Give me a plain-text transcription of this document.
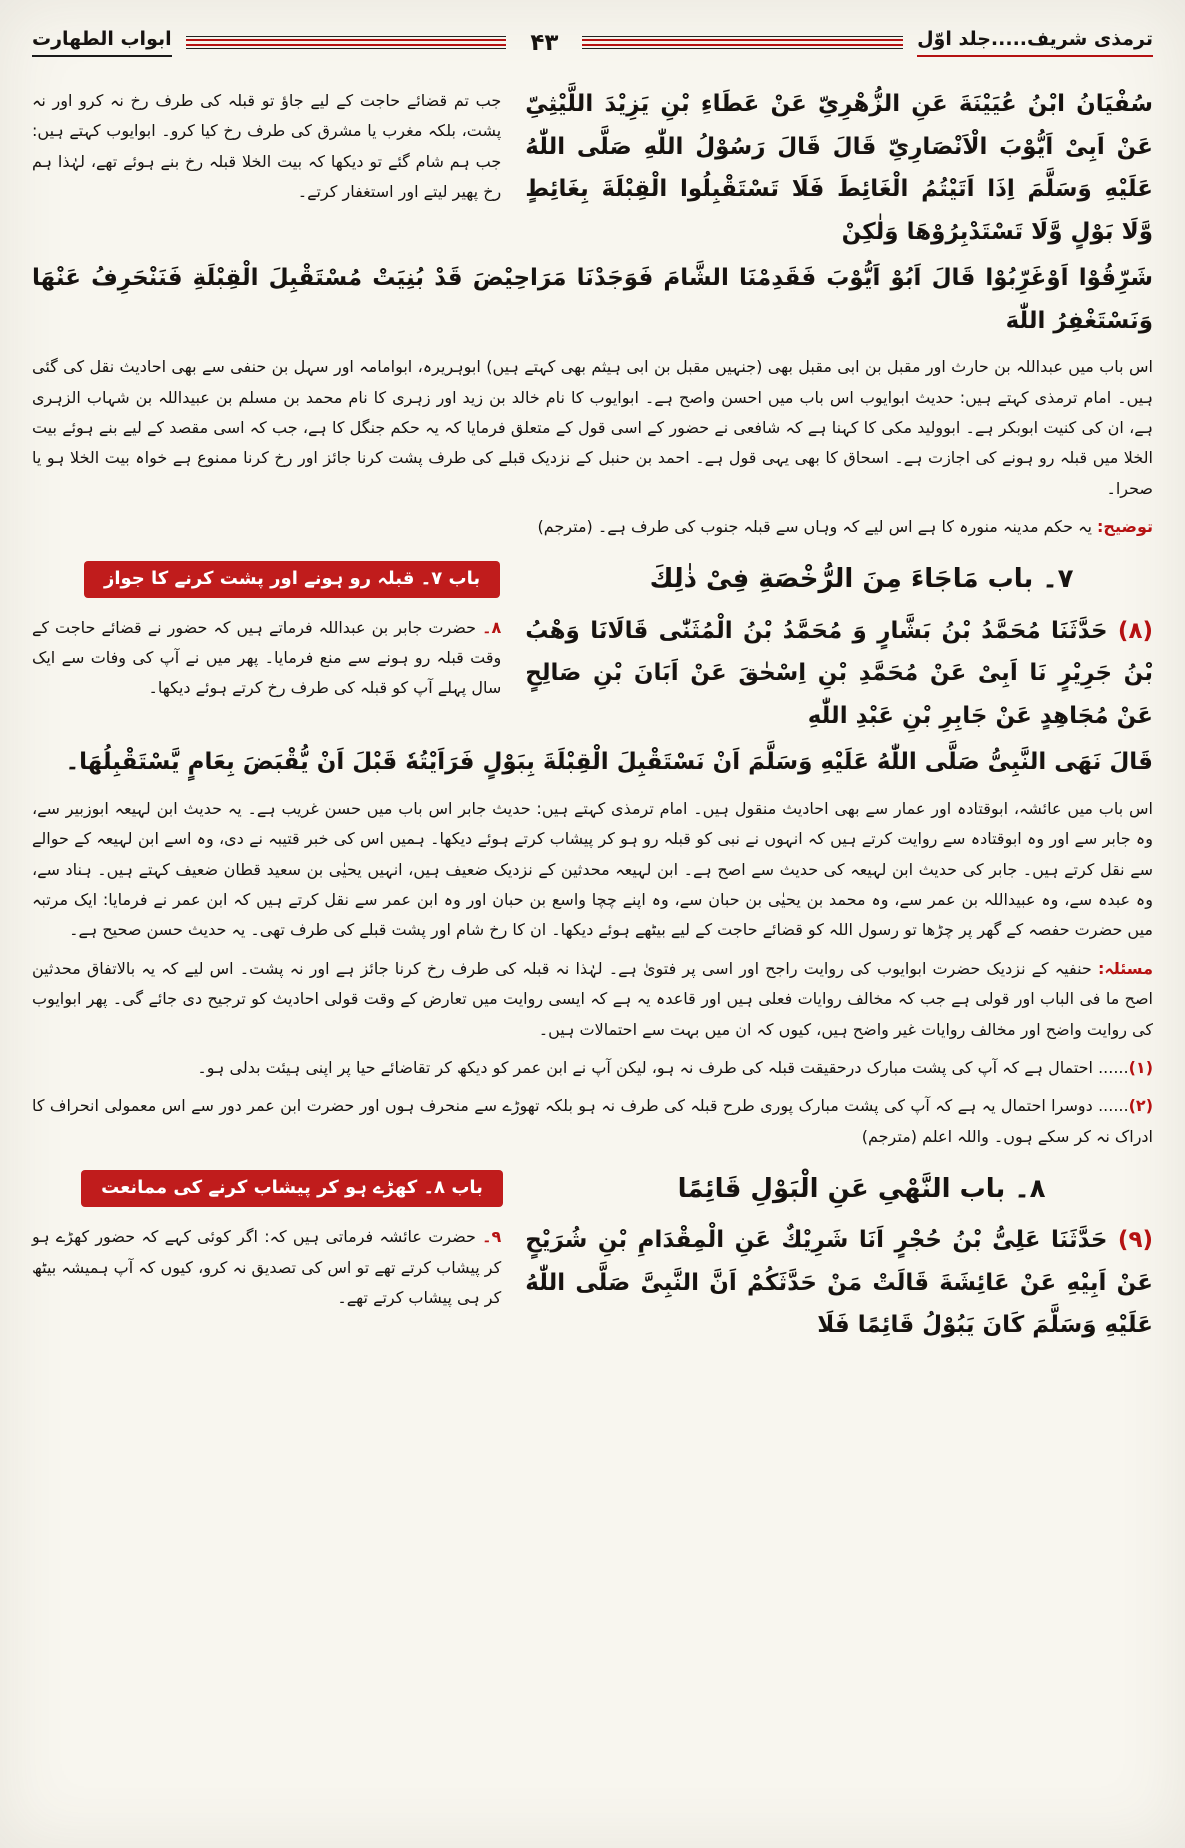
ترمذی شریف.....جلد اوّل
۴۳
ابواب الطهارت
سُفْیَانُ ابْنُ عُیَیْنَةَ عَنِ الزُّهْرِیِّ عَنْ عَطَاءِ بْنِ یَزِیْدَ اللَّیْثِیِّ عَنْ اَبِیْ اَیُّوْبَ الْاَنْصَارِیِّ قَالَ قَالَ رَسُوْلُ اللّٰهِ صَلَّی اللّٰهُ عَلَیْهِ وَسَلَّمَ اِذَا اَتَیْتُمُ الْغَائِطَ فَلَا تَسْتَقْبِلُوا الْقِبْلَةَ بِغَائِطٍ وَّلَا بَوْلٍ وَّلَا تَسْتَدْبِرُوْهَا وَلٰکِنْ
جب تم قضائے حاجت کے لیے جاؤ تو قبلہ کی طرف رخ نہ کرو اور نہ پشت، بلکہ مغرب یا مشرق کی طرف رخ کیا کرو۔ ابوایوب کہتے ہیں: جب ہم شام گئے تو دیکھا کہ بیت الخلا قبلہ رخ بنے ہوئے تھے، لہٰذا ہم رخ پھیر لیتے اور استغفار کرتے۔

شَرِّقُوْا اَوْغَرِّبُوْا قَالَ اَبُوْ اَیُّوْبَ فَقَدِمْنَا الشَّامَ فَوَجَدْنَا مَرَاحِیْضَ قَدْ بُنِیَتْ مُسْتَقْبِلَ الْقِبْلَةِ فَنَنْحَرِفُ عَنْهَا وَنَسْتَغْفِرُ اللّٰهَ

اس باب میں عبداللہ بن حارث اور مقبل بن ابی مقبل بھی (جنہیں مقبل بن ابی ہیثم بھی کہتے ہیں) ابوہریرہ، ابوامامہ اور سہل بن حنفی سے بھی احادیث نقل کی گئی ہیں۔ امام ترمذی کہتے ہیں: حدیث ابوایوب اس باب میں احسن واصح ہے۔ ابوایوب کا نام خالد بن زید اور زہری کا نام محمد بن مسلم بن عبیداللہ بن شہاب الزہری ہے، ان کی کنیت ابوبکر ہے۔ ابوولید مکی کا کہنا ہے کہ شافعی نے حضور کے اسی قول کے متعلق فرمایا کہ یہ حکم جنگل کا ہے، جب کہ اسی مقصد کے لیے بنے ہوئے بیت الخلا میں قبلہ رو ہونے کی اجازت ہے۔ اسحاق کا بھی یہی قول ہے۔ احمد بن حنبل کے نزدیک قبلے کی طرف پشت کرنا جائز اور رخ کرنا ممنوع ہے خواہ بیت الخلا ہو یا صحرا۔

توضیح: یہ حکم مدینہ منورہ کا ہے اس لیے کہ وہاں سے قبلہ جنوب کی طرف ہے۔ (مترجم)

۷۔ باب مَاجَاءَ مِنَ الرُّخْصَةِ فِیْ ذٰلِكَ
باب ۷۔ قبلہ رو ہونے اور پشت کرنے کا جواز
(۸) حَدَّثَنَا مُحَمَّدُ بْنُ بَشَّارٍ وَ مُحَمَّدُ بْنُ الْمُثَنّٰی قَالَانَا وَهْبُ بْنُ جَرِیْرٍ نَا اَبِیْ عَنْ مُحَمَّدِ بْنِ اِسْحٰقَ عَنْ اَبَانَ بْنِ صَالِحٍ عَنْ مُجَاهِدٍ عَنْ جَابِرِ بْنِ عَبْدِ اللّٰهِ
۸۔ حضرت جابر بن عبداللہ فرماتے ہیں کہ حضور نے قضائے حاجت کے وقت قبلہ رو ہونے سے منع فرمایا۔ پھر میں نے آپ کی وفات سے ایک سال پہلے آپ کو قبلہ کی طرف رخ کرتے ہوئے دیکھا۔

قَالَ نَهَی النَّبِیُّ صَلَّی اللّٰهُ عَلَیْهِ وَسَلَّمَ اَنْ نَسْتَقْبِلَ الْقِبْلَةَ بِبَوْلٍ فَرَاَیْتُهٗ قَبْلَ اَنْ یُّقْبَضَ بِعَامٍ یَّسْتَقْبِلُهَا۔

اس باب میں عائشہ، ابوقتادہ اور عمار سے بھی احادیث منقول ہیں۔ امام ترمذی کہتے ہیں: حدیث جابر اس باب میں حسن غریب ہے۔ یہ حدیث ابن لہیعہ ابوزبیر سے، وہ جابر سے اور وہ ابوقتادہ سے روایت کرتے ہیں کہ انہوں نے نبی کو قبلہ رو ہو کر پیشاب کرتے ہوئے دیکھا۔ ہمیں اس کی خبر قتیبہ نے دی، وہ اسے ابن لہیعہ کے حوالے سے نقل کرتے ہیں۔ جابر کی حدیث ابن لہیعہ کی حدیث سے اصح ہے۔ ابن لہیعہ محدثین کے نزدیک ضعیف ہیں، انہیں یحیٰی بن سعید قطان ضعیف کہتے ہیں۔ ہناد سے، وہ عبدہ سے، وہ عبیداللہ بن عمر سے، وہ محمد بن یحیٰی بن حبان سے، وہ اپنے چچا واسع بن حبان اور وہ ابن عمر سے نقل کرتے ہیں کہ ابن عمر نے فرمایا: ایک مرتبہ میں حضرت حفصہ کے گھر پر چڑھا تو رسول اللہ کو قضائے حاجت کے لیے بیٹھے ہوئے دیکھا۔ ان کا رخ شام اور پشت قبلے کی طرف تھی۔ یہ حدیث حسن صحیح ہے۔

مسئلہ: حنفیہ کے نزدیک حضرت ابوایوب کی روایت راجح اور اسی پر فتویٰ ہے۔ لہٰذا نہ قبلہ کی طرف رخ کرنا جائز ہے اور نہ پشت۔ اس لیے کہ یہ بالاتفاق محدثین اصح ما فی الباب اور قولی ہے جب کہ مخالف روایات فعلی ہیں اور قاعدہ یہ ہے کہ ایسی روایت میں تعارض کے وقت قولی احادیث کو ترجیح دی جائے گی۔ پھر ابوایوب کی روایت واضح اور مخالف روایات غیر واضح ہیں، کیوں کہ ان میں بہت سے احتمالات ہیں۔

(۱)...... احتمال ہے کہ آپ کی پشت مبارک درحقیقت قبلہ کی طرف نہ ہو، لیکن آپ نے ابن عمر کو دیکھ کر تقاضائے حیا پر اپنی ہیئت بدلی ہو۔

(۲)...... دوسرا احتمال یہ ہے کہ آپ کی پشت مبارک پوری طرح قبلہ کی طرف نہ ہو بلکہ تھوڑے سے منحرف ہوں اور حضرت ابن عمر دور سے اس معمولی انحراف کا ادراک نہ کر سکے ہوں۔ واللہ اعلم (مترجم)

۸۔ باب النَّهْیِ عَنِ الْبَوْلِ قَائِمًا
باب ۸۔ کھڑے ہو کر پیشاب کرنے کی ممانعت
(۹) حَدَّثَنَا عَلِیُّ بْنُ حُجْرٍ اَنَا شَرِیْكٌ عَنِ الْمِقْدَامِ بْنِ شُرَیْحٍ عَنْ اَبِیْهِ عَنْ عَائِشَةَ قَالَتْ مَنْ حَدَّثَکُمْ اَنَّ النَّبِیَّ صَلَّی اللّٰهُ عَلَیْهِ وَسَلَّمَ کَانَ یَبُوْلُ قَائِمًا فَلَا
۹۔ حضرت عائشہ فرماتی ہیں کہ: اگر کوئی کہے کہ حضور کھڑے ہو کر پیشاب کرتے تھے تو اس کی تصدیق نہ کرو، کیوں کہ آپ ہمیشہ بیٹھ کر ہی پیشاب کرتے تھے۔
